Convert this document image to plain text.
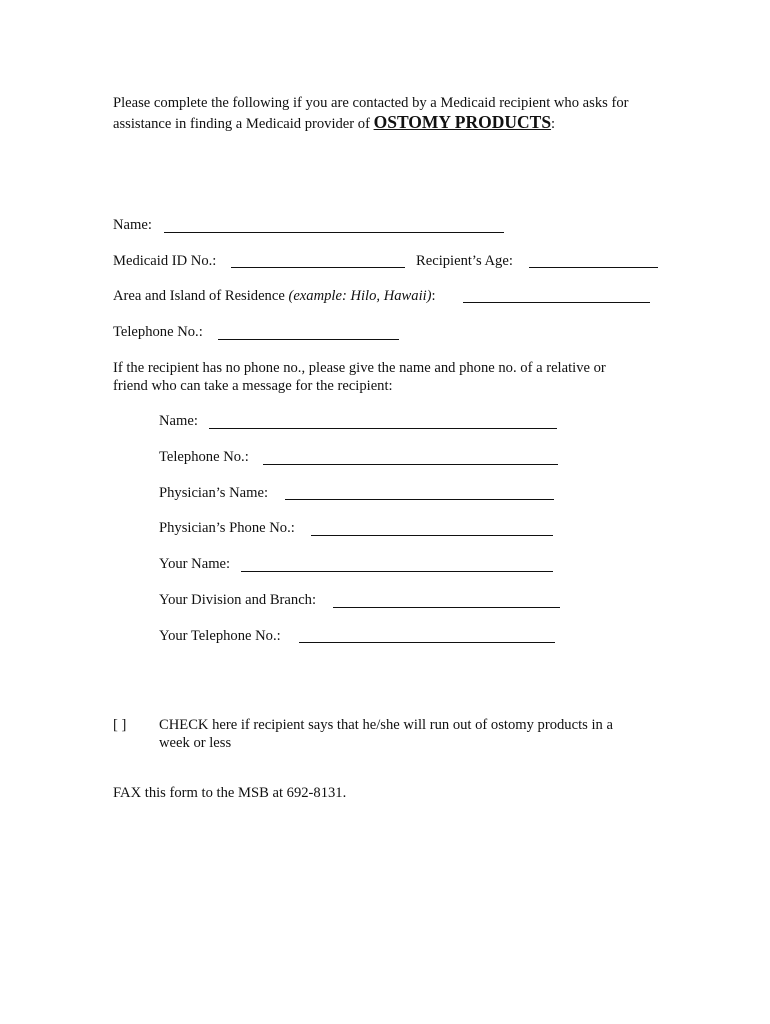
Please complete the following if you are contacted by a Medicaid recipient who asks for
assistance in finding a Medicaid provider of OSTOMY PRODUCTS:
Name:
Medicaid ID No.:	Recipient’s Age:
Area and Island of Residence (example: Hilo, Hawaii):
Telephone No.:
If the recipient has no phone no., please give the name and phone no. of a relative or
friend who can take a message for the recipient:
Name:
Telephone No.:
Physician’s Name:
Physician’s Phone No.:
Your Name:
Your Division and Branch:
Your Telephone No.:
[ ] CHECK here if recipient says that he/she will run out of ostomy products in a
week or less
FAX this form to the MSB at 692-8131.
